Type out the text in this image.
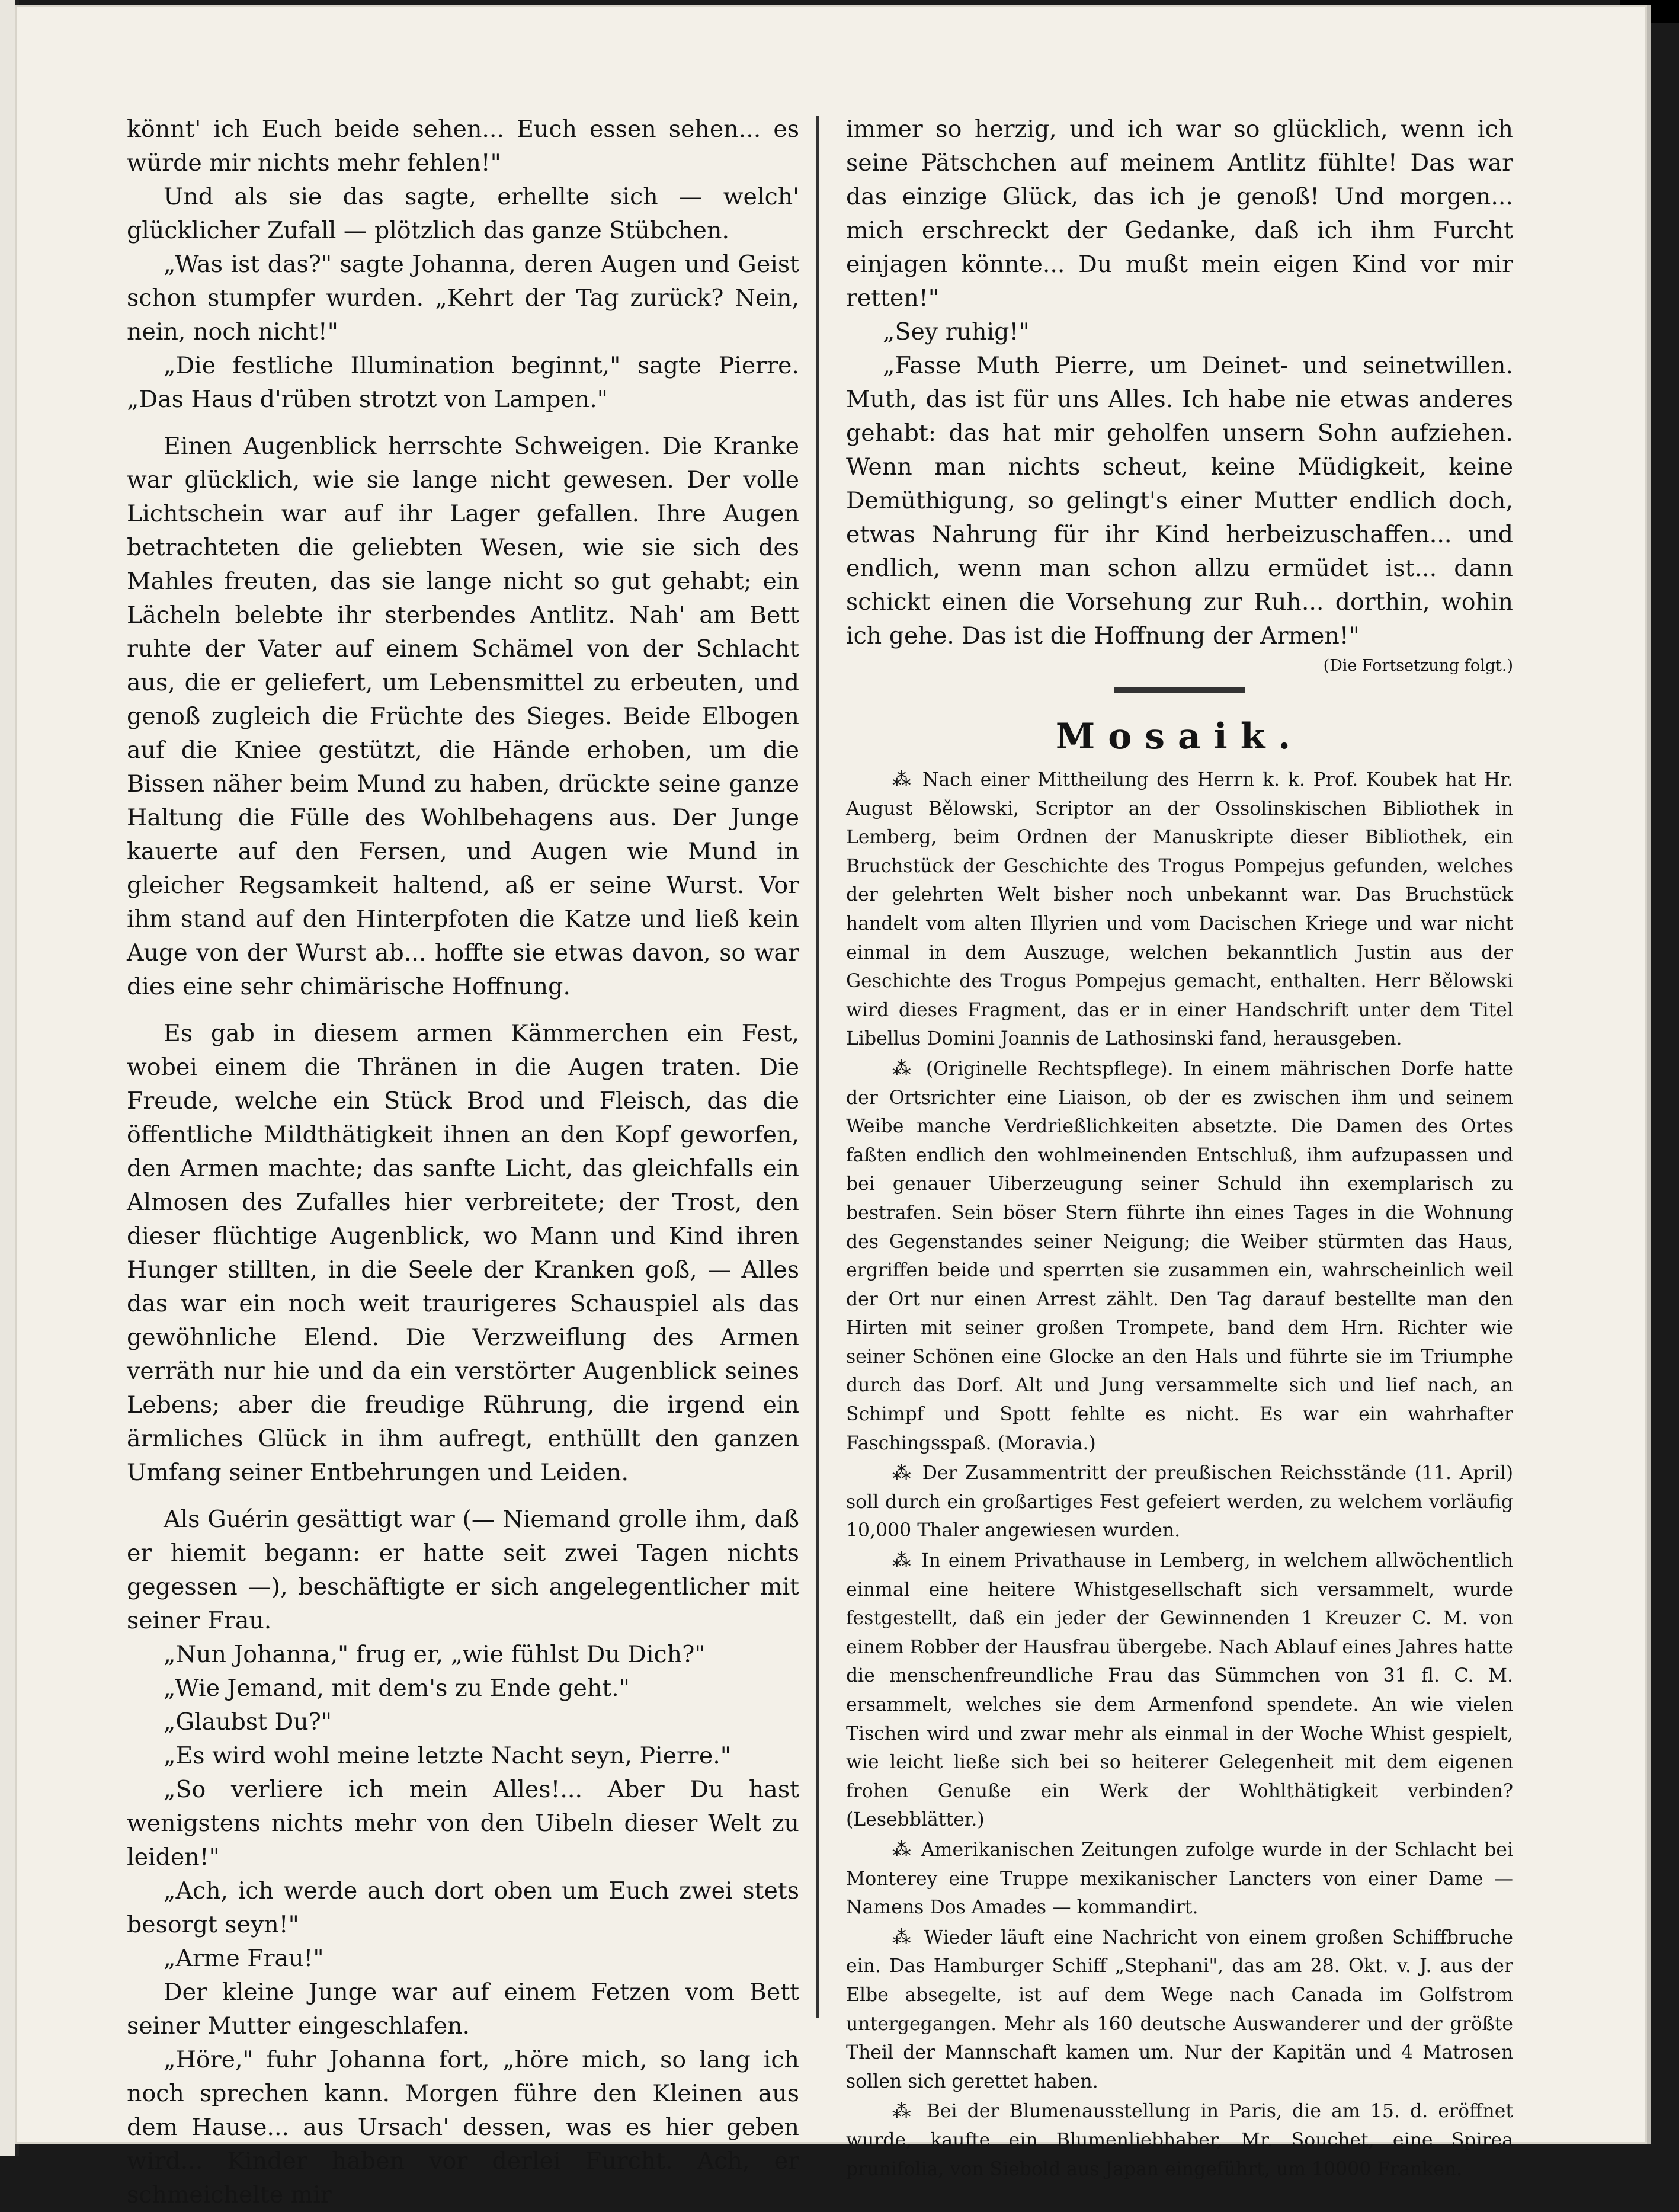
könnt' ich Euch beide sehen... Euch essen sehen... es würde mir nichts mehr fehlen!"

Und als sie das sagte, erhellte sich — welch' glücklicher Zufall — plötzlich das ganze Stübchen.

„Was ist das?" sagte Johanna, deren Augen und Geist schon stumpfer wurden. „Kehrt der Tag zurück? Nein, nein, noch nicht!"

„Die festliche Illumination beginnt," sagte Pierre. „Das Haus d'rüben strotzt von Lampen."

Einen Augenblick herrschte Schweigen. Die Kranke war glücklich, wie sie lange nicht gewesen. Der volle Lichtschein war auf ihr Lager gefallen. Ihre Augen betrachteten die geliebten Wesen, wie sie sich des Mahles freuten, das sie lange nicht so gut gehabt; ein Lächeln belebte ihr sterbendes Antlitz. Nah' am Bett ruhte der Vater auf einem Schämel von der Schlacht aus, die er geliefert, um Lebensmittel zu erbeuten, und genoß zugleich die Früchte des Sieges. Beide Elbogen auf die Kniee gestützt, die Hände erhoben, um die Bissen näher beim Mund zu haben, drückte seine ganze Haltung die Fülle des Wohlbehagens aus. Der Junge kauerte auf den Fersen, und Augen wie Mund in gleicher Regsamkeit haltend, aß er seine Wurst. Vor ihm stand auf den Hinterpfoten die Katze und ließ kein Auge von der Wurst ab... hoffte sie etwas davon, so war dies eine sehr chimärische Hoffnung.

Es gab in diesem armen Kämmerchen ein Fest, wobei einem die Thränen in die Augen traten. Die Freude, welche ein Stück Brod und Fleisch, das die öffentliche Mildthätigkeit ihnen an den Kopf geworfen, den Armen machte; das sanfte Licht, das gleichfalls ein Almosen des Zufalles hier verbreitete; der Trost, den dieser flüchtige Augenblick, wo Mann und Kind ihren Hunger stillten, in die Seele der Kranken goß, — Alles das war ein noch weit traurigeres Schauspiel als das gewöhnliche Elend. Die Verzweiflung des Armen verräth nur hie und da ein verstörter Augenblick seines Lebens; aber die freudige Rührung, die irgend ein ärmliches Glück in ihm aufregt, enthüllt den ganzen Umfang seiner Entbehrungen und Leiden.

Als Guérin gesättigt war (— Niemand grolle ihm, daß er hiemit begann: er hatte seit zwei Tagen nichts gegessen —), beschäftigte er sich angelegentlicher mit seiner Frau.

„Nun Johanna," frug er, „wie fühlst Du Dich?"

„Wie Jemand, mit dem's zu Ende geht."

„Glaubst Du?"

„Es wird wohl meine letzte Nacht seyn, Pierre."

„So verliere ich mein Alles!... Aber Du hast wenigstens nichts mehr von den Uibeln dieser Welt zu leiden!"

„Ach, ich werde auch dort oben um Euch zwei stets besorgt seyn!"

„Arme Frau!"

Der kleine Junge war auf einem Fetzen vom Bett seiner Mutter eingeschlafen.

„Höre," fuhr Johanna fort, „höre mich, so lang ich noch sprechen kann. Morgen führe den Kleinen aus dem Hause... aus Ursach' dessen, was es hier geben wird... Kinder haben vor derlei Furcht. Ach, er schmeichelte mir

immer so herzig, und ich war so glücklich, wenn ich seine Pätschchen auf meinem Antlitz fühlte! Das war das einzige Glück, das ich je genoß! Und morgen... mich erschreckt der Gedanke, daß ich ihm Furcht einjagen könnte... Du mußt mein eigen Kind vor mir retten!"

„Sey ruhig!"

„Fasse Muth Pierre, um Deinet- und seinetwillen. Muth, das ist für uns Alles. Ich habe nie etwas anderes gehabt: das hat mir geholfen unsern Sohn aufziehen. Wenn man nichts scheut, keine Müdigkeit, keine Demüthigung, so gelingt's einer Mutter endlich doch, etwas Nahrung für ihr Kind herbeizuschaffen... und endlich, wenn man schon allzu ermüdet ist... dann schickt einen die Vorsehung zur Ruh... dorthin, wohin ich gehe. Das ist die Hoffnung der Armen!"

(Die Fortsetzung folgt.)

Mosaik.

⁂ Nach einer Mittheilung des Herrn k. k. Prof. Koubek hat Hr. August Bělowski, Scriptor an der Ossolinskischen Bibliothek in Lemberg, beim Ordnen der Manuskripte dieser Bibliothek, ein Bruchstück der Geschichte des Trogus Pompejus gefunden, welches der gelehrten Welt bisher noch unbekannt war. Das Bruchstück handelt vom alten Illyrien und vom Dacischen Kriege und war nicht einmal in dem Auszuge, welchen bekanntlich Justin aus der Geschichte des Trogus Pompejus gemacht, enthalten. Herr Bělowski wird dieses Fragment, das er in einer Handschrift unter dem Titel Libellus Domini Joannis de Lathosinski fand, herausgeben.

⁂ (Originelle Rechtspflege). In einem mährischen Dorfe hatte der Ortsrichter eine Liaison, ob der es zwischen ihm und seinem Weibe manche Verdrießlichkeiten absetzte. Die Damen des Ortes faßten endlich den wohlmeinenden Entschluß, ihm aufzupassen und bei genauer Uiberzeugung seiner Schuld ihn exemplarisch zu bestrafen. Sein böser Stern führte ihn eines Tages in die Wohnung des Gegenstandes seiner Neigung; die Weiber stürmten das Haus, ergriffen beide und sperrten sie zusammen ein, wahrscheinlich weil der Ort nur einen Arrest zählt. Den Tag darauf bestellte man den Hirten mit seiner großen Trompete, band dem Hrn. Richter wie seiner Schönen eine Glocke an den Hals und führte sie im Triumphe durch das Dorf. Alt und Jung versammelte sich und lief nach, an Schimpf und Spott fehlte es nicht. Es war ein wahrhafter Faschingsspaß. (Moravia.)

⁂ Der Zusammentritt der preußischen Reichsstände (11. April) soll durch ein großartiges Fest gefeiert werden, zu welchem vorläufig 10,000 Thaler angewiesen wurden.

⁂ In einem Privathause in Lemberg, in welchem allwöchentlich einmal eine heitere Whistgesellschaft sich versammelt, wurde festgestellt, daß ein jeder der Gewinnenden 1 Kreuzer C. M. von einem Robber der Hausfrau übergebe. Nach Ablauf eines Jahres hatte die menschenfreundliche Frau das Sümmchen von 31 fl. C. M. ersammelt, welches sie dem Armenfond spendete. An wie vielen Tischen wird und zwar mehr als einmal in der Woche Whist gespielt, wie leicht ließe sich bei so heiterer Gelegenheit mit dem eigenen frohen Genuße ein Werk der Wohlthätigkeit verbinden? (Lesebblätter.)

⁂ Amerikanischen Zeitungen zufolge wurde in der Schlacht bei Monterey eine Truppe mexikanischer Lancters von einer Dame — Namens Dos Amades — kommandirt.

⁂ Wieder läuft eine Nachricht von einem großen Schiffbruche ein. Das Hamburger Schiff „Stephani", das am 28. Okt. v. J. aus der Elbe absegelte, ist auf dem Wege nach Canada im Golfstrom untergegangen. Mehr als 160 deutsche Auswanderer und der größte Theil der Mannschaft kamen um. Nur der Kapitän und 4 Matrosen sollen sich gerettet haben.

⁂ Bei der Blumenausstellung in Paris, die am 15. d. eröffnet wurde, kaufte ein Blumenliebhaber, Mr. Souchet, eine Spirea prunifolia, von Siebold aus Japan eingeführt, um 10000 Franken.
